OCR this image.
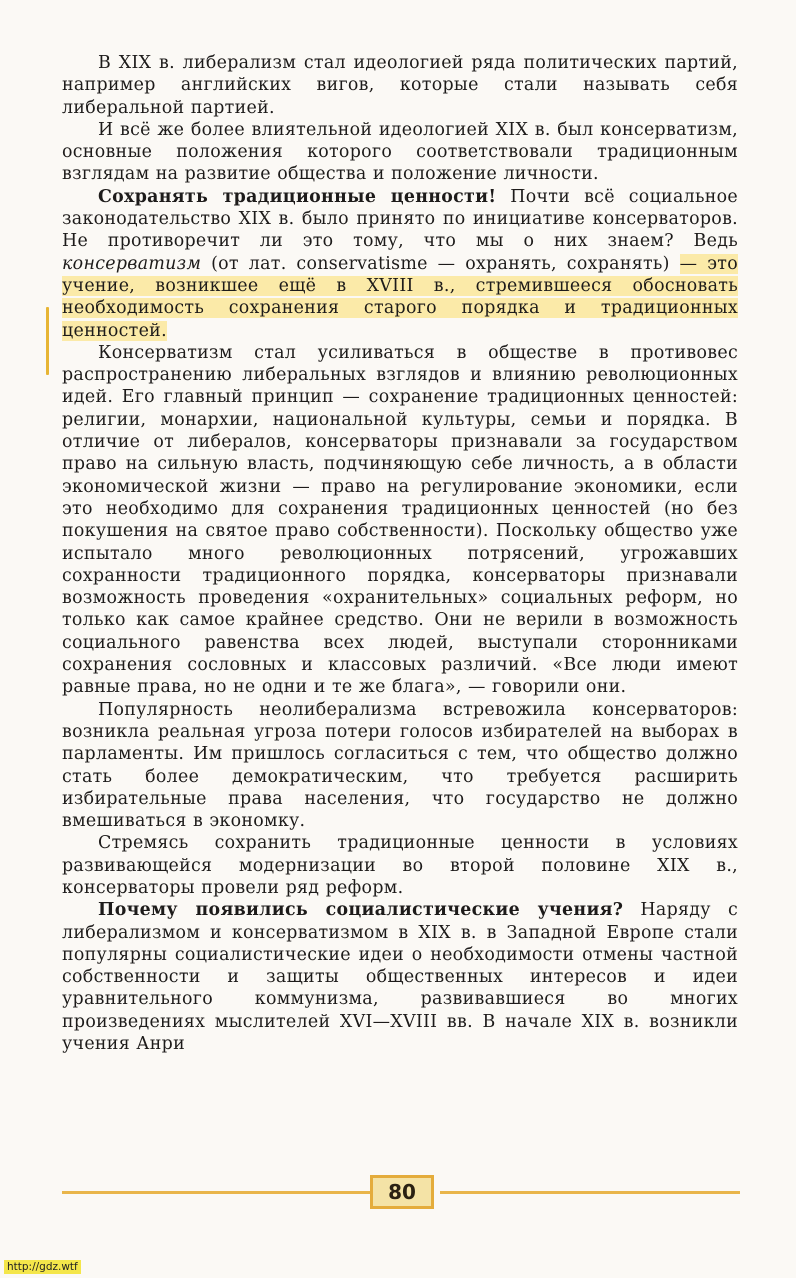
В XIX в. либерализм стал идеологией ряда политических партий, например английских вигов, которые стали называть себя либеральной партией.

И всё же более влиятельной идеологией XIX в. был консерватизм, основные положения которого соответствовали традиционным взглядам на развитие общества и положение личности.

Сохранять традиционные ценности! Почти всё социальное законодательство XIX в. было принято по инициативе консерваторов. Не противоречит ли это тому, что мы о них знаем? Ведь консерватизм (от лат. conservatisme — охранять, сохранять) — это учение, возникшее ещё в XVIII в., стремившееся обосновать необходимость сохранения старого порядка и традиционных ценностей.

Консерватизм стал усиливаться в обществе в противовес распространению либеральных взглядов и влиянию революционных идей. Его главный принцип — сохранение традиционных ценностей: религии, монархии, национальной культуры, семьи и порядка. В отличие от либералов, консерваторы признавали за государством право на сильную власть, подчиняющую себе личность, а в области экономической жизни — право на регулирование экономики, если это необходимо для сохранения традиционных ценностей (но без покушения на святое право собственности). Поскольку общество уже испытало много революционных потрясений, угрожавших сохранности традиционного порядка, консерваторы признавали возможность проведения «охранительных» социальных реформ, но только как самое крайнее средство. Они не верили в возможность социального равенства всех людей, выступали сторонниками сохранения сословных и классовых различий. «Все люди имеют равные права, но не одни и те же блага», — говорили они.

Популярность неолиберализма встревожила консерваторов: возникла реальная угроза потери голосов избирателей на выборах в парламенты. Им пришлось согласиться с тем, что общество должно стать более демократическим, что требуется расширить избирательные права населения, что государство не должно вмешиваться в экономку.

Стремясь сохранить традиционные ценности в условиях развивающейся модернизации во второй половине XIX в., консерваторы провели ряд реформ.

Почему появились социалистические учения? Наряду с либерализмом и консерватизмом в XIX в. в Западной Европе стали популярны социалистические идеи о необходимости отмены частной собственности и защиты общественных интересов и идеи уравнительного коммунизма, развивавшиеся во многих произведениях мыслителей XVI—XVIII вв. В начале XIX в. возникли учения Анри

80
http://gdz.wtf
